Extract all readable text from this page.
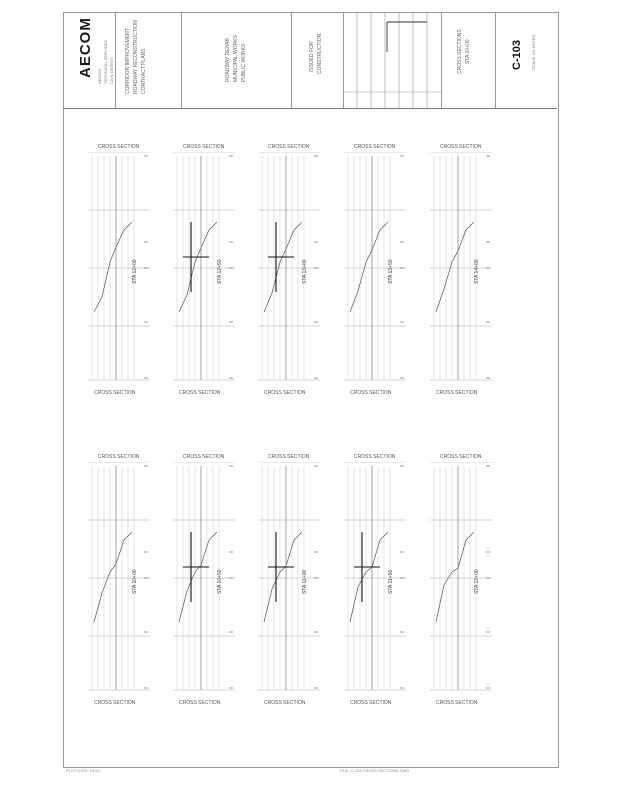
AECOM AECOM TECHNICAL SERVICES CIVIL DESIGN CORRIDOR IMPROVEMENT ROADWAY RECONSTRUCTION CONTRACT PLANS	ROADWAY REHAB MUNICIPAL WORKS PUBLIC WORKS	ISSUED FOR CONSTRUCTION	CROSS SECTIONS STA 10+00	C-103 SCALE: AS NOTED
CROSS SECTION
STA 12+00
CROSS SECTION
CROSS SECTION
STA 12+50
CROSS SECTION
CROSS SECTION
STA 13+00
CROSS SECTION
CROSS SECTION
STA 13+50
CROSS SECTION
CROSS SECTION
STA 14+00
CROSS SECTION
CROSS SECTION
STA 10+00
CROSS SECTION
CROSS SECTION
STA 10+50
CROSS SECTION
CROSS SECTION
STA 11+00
CROSS SECTION
CROSS SECTION
STA 11+50
CROSS SECTION
CROSS SECTION
STA 12+00
CROSS SECTION
PLOT DATE: 01/01	FILE: C-103 CROSS SECTIONS.DWG
